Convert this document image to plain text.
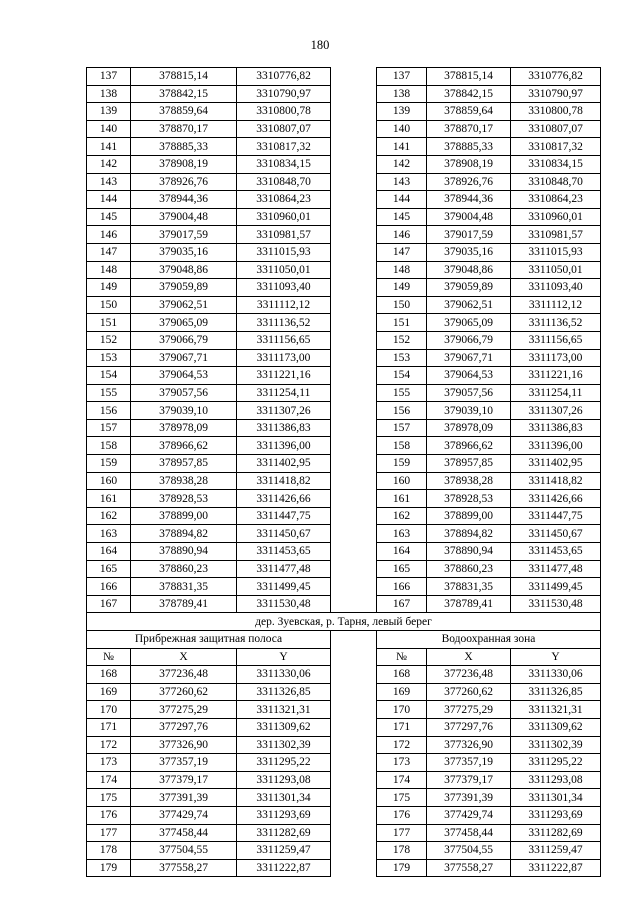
180
137	378815,14	3310776,82		137	378815,14	3310776,82
138	378842,15	3310790,97		138	378842,15	3310790,97
139	378859,64	3310800,78		139	378859,64	3310800,78
140	378870,17	3310807,07		140	378870,17	3310807,07
141	378885,33	3310817,32		141	378885,33	3310817,32
142	378908,19	3310834,15		142	378908,19	3310834,15
143	378926,76	3310848,70		143	378926,76	3310848,70
144	378944,36	3310864,23		144	378944,36	3310864,23
145	379004,48	3310960,01		145	379004,48	3310960,01
146	379017,59	3310981,57		146	379017,59	3310981,57
147	379035,16	3311015,93		147	379035,16	3311015,93
148	379048,86	3311050,01		148	379048,86	3311050,01
149	379059,89	3311093,40		149	379059,89	3311093,40
150	379062,51	3311112,12		150	379062,51	3311112,12
151	379065,09	3311136,52		151	379065,09	3311136,52
152	379066,79	3311156,65		152	379066,79	3311156,65
153	379067,71	3311173,00		153	379067,71	3311173,00
154	379064,53	3311221,16		154	379064,53	3311221,16
155	379057,56	3311254,11		155	379057,56	3311254,11
156	379039,10	3311307,26		156	379039,10	3311307,26
157	378978,09	3311386,83		157	378978,09	3311386,83
158	378966,62	3311396,00		158	378966,62	3311396,00
159	378957,85	3311402,95		159	378957,85	3311402,95
160	378938,28	3311418,82		160	378938,28	3311418,82
161	378928,53	3311426,66		161	378928,53	3311426,66
162	378899,00	3311447,75		162	378899,00	3311447,75
163	378894,82	3311450,67		163	378894,82	3311450,67
164	378890,94	3311453,65		164	378890,94	3311453,65
165	378860,23	3311477,48		165	378860,23	3311477,48
166	378831,35	3311499,45		166	378831,35	3311499,45
167	378789,41	3311530,48		167	378789,41	3311530,48
дер. Зуевская, р. Тарня, левый берег						
Прибрежная защитная полоса				Водоохранная зона		
№	X	Y		№	X	Y
168	377236,48	3311330,06		168	377236,48	3311330,06
169	377260,62	3311326,85		169	377260,62	3311326,85
170	377275,29	3311321,31		170	377275,29	3311321,31
171	377297,76	3311309,62		171	377297,76	3311309,62
172	377326,90	3311302,39		172	377326,90	3311302,39
173	377357,19	3311295,22		173	377357,19	3311295,22
174	377379,17	3311293,08		174	377379,17	3311293,08
175	377391,39	3311301,34		175	377391,39	3311301,34
176	377429,74	3311293,69		176	377429,74	3311293,69
177	377458,44	3311282,69		177	377458,44	3311282,69
178	377504,55	3311259,47		178	377504,55	3311259,47
179	377558,27	3311222,87		179	377558,27	3311222,87
